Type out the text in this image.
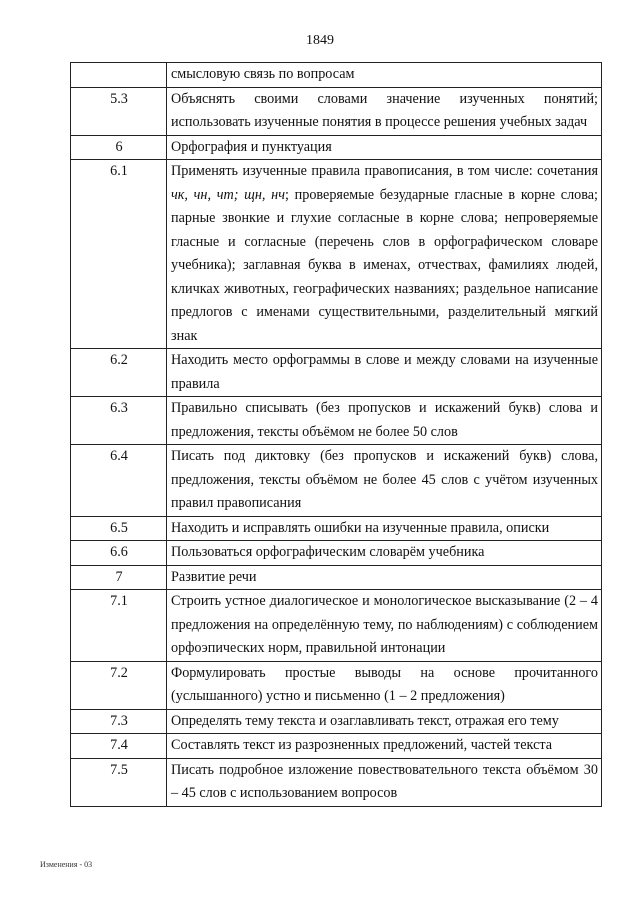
1849
	смысловую связь по вопросам
5.3	Объяснять своими словами значение изученных понятий; использовать изученные понятия в процессе решения учебных задач
6	Орфография и пунктуация
6.1	Применять изученные правила правописания, в том числе: сочетания чк, чн, чт; щн, нч; проверяемые безударные гласные в корне слова; парные звонкие и глухие согласные в корне слова; непроверяемые гласные и согласные (перечень слов в орфографическом словаре учебника); заглавная буква в именах, отчествах, фамилиях людей, кличках животных, географических названиях; раздельное написание предлогов с именами существительными, разделительный мягкий знак
6.2	Находить место орфограммы в слове и между словами на изученные правила
6.3	Правильно списывать (без пропусков и искажений букв) слова и предложения, тексты объёмом не более 50 слов
6.4	Писать под диктовку (без пропусков и искажений букв) слова, предложения, тексты объёмом не более 45 слов с учётом изученных правил правописания
6.5	Находить и исправлять ошибки на изученные правила, описки
6.6	Пользоваться орфографическим словарём учебника
7	Развитие речи
7.1	Строить устное диалогическое и монологическое высказывание (2 – 4 предложения на определённую тему, по наблюдениям) с соблюдением орфоэпических норм, правильной интонации
7.2	Формулировать простые выводы на основе прочитанного (услышанного) устно и письменно (1 – 2 предложения)
7.3	Определять тему текста и озаглавливать текст, отражая его тему
7.4	Составлять текст из разрозненных предложений, частей текста
7.5	Писать подробное изложение повествовательного текста объёмом 30 – 45 слов с использованием вопросов
Изменения - 03
